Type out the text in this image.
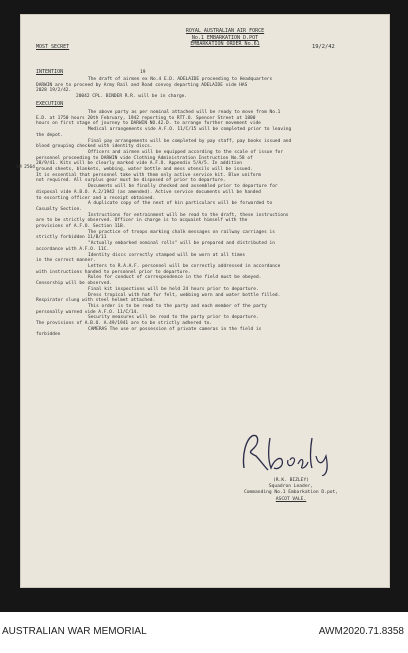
ROYAL AUSTRALIAN AIR FORCE
No.1 EMBARKATION D.POT
EMBARKATION ORDER No.61
MOST SECRET	19/2/42
INTENTION	19

The draft of airmen ex No.4 E.D. ADELAIDE proceeding to Headquarters

DARWIN are to proceed by Army Rail and Road convoy departing ADELAIDE vide HAS

2028 19/2/42.

20042 CPL. BINDER R.R. will be in charge.

EXECUTION
SM 2564.

The above party as per nominal attached will be ready to move from No.1

E.D. at 1750 hours 20th February, 1942 reporting to RTT.O. Spencer Street at 1800

hours on first stage of journey to DARWIN NO.42.D. to arrange further movement vide

Medical arrangements vide A.F.O. 11/C/15 will be completed prior to leaving

the depot.

Final pay arrangements will be completed by pay staff, pay books issued and

blood grouping checked with identity discs.

Officers and airmen will be equipped according to the scale of issue for

personnel proceeding to DARWIN vide Clothing Administration Instruction No.58 of

28/9/41. Kits will be clearly marked vide A.F.O. Appendix 5/A/5. In addition

ground sheets, blankets, webbing, water bottle and mess utensils will be issued.

It is essential that personnel take with them only active service kit. Blue uniform

not required. All surplus gear must be disposed of prior to departure.

Documents will be finally checked and assembled prior to departure for

disposal vide A.B.O. A.2/1942 (as amended). Active service documents will be handed

to escorting officer and a receipt obtained.

A duplicate copy of the next of kin particulars will be forwarded to

Casualty Section.

Instructions for entrainment will be read to the draft, these instructions

are to be strictly observed. Officer in charge is to acquaint himself with the

provisions of A.F.O. Section 11B.

The practice of troops marking chalk messages on railway carriages is

strictly forbidden 11/B/11

"Actually embarked nominal rolls" will be prepared and distributed in

accordance with A.F.O. 11C.

Identity discs correctly stamped will be worn at all times

in the correct manner.

Letters to R.A.A.F. personnel will be correctly addressed in accordance

with instructions handed to personnel prior to departure.

Rules for conduct of correspondence in the field must be obeyed.

Censorship will be observed.

Final kit inspections will be held 24 hours prior to departure.

Dress tropical with hat fur felt, webbing worn and water bottle filled.

Respirator slung with steel helmet attached.

This order is to be read to the party and each member of the party

personally warned vide A.F.O. 11/C/14.

Security measures will be read to the party prior to departure.

The provisions of A.B.O. A.49/1941 are to be strictly adhered to.

CAMERAS The use or possession of private cameras in the field is

forbidden

(R.K. BIZLEY)
Squadron Leader,
Commanding No.1 Embarkation D.pot,
ASCOT VALE.
AUSTRALIAN WAR MEMORIAL	AWM2020.71.8358
